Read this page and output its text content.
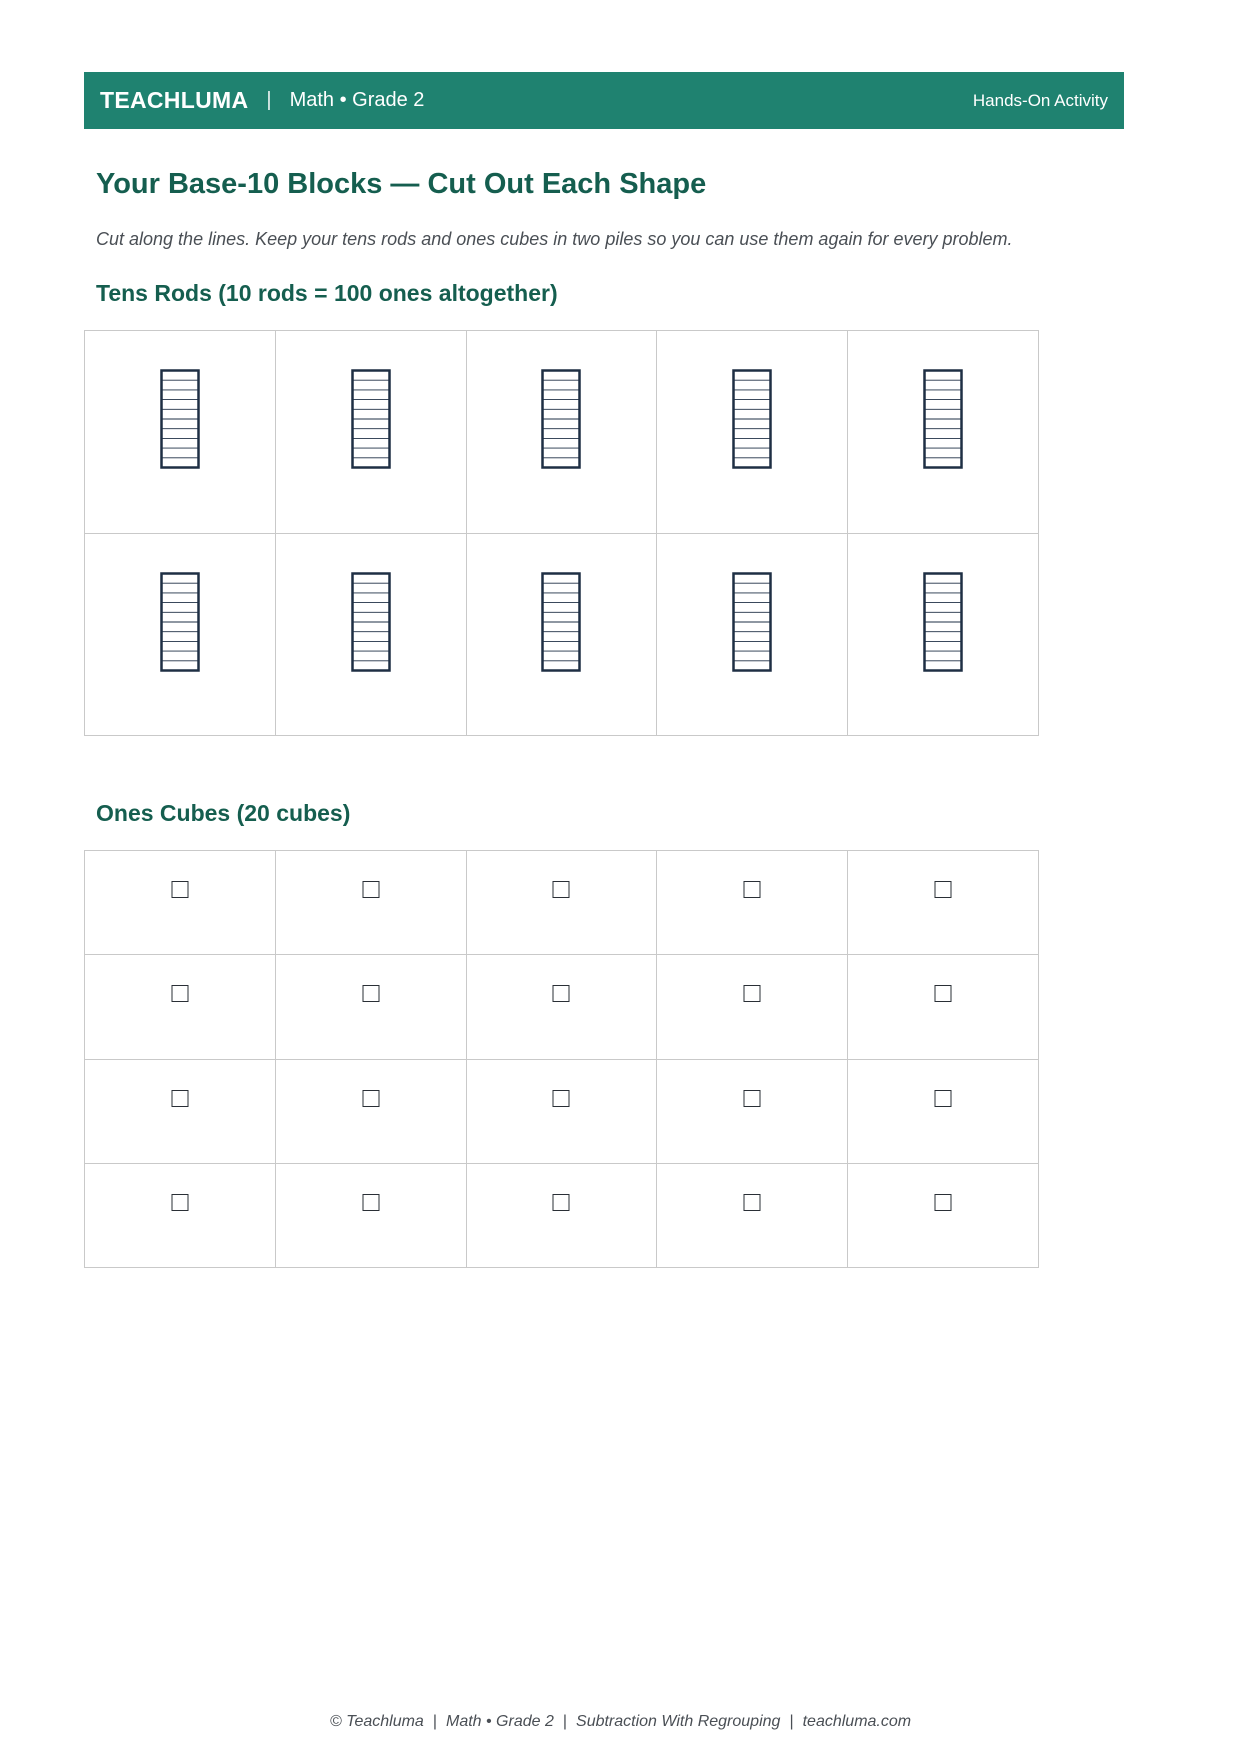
TEACHLUMA | Math • Grade 2	Hands-On Activity
Your Base-10 Blocks — Cut Out Each Shape

Cut along the lines. Keep your tens rods and ones cubes in two piles so you can use them again for every problem.

Tens Rods (10 rods = 100 ones altogether)
Ones Cubes (20 cubes)
© Teachluma | Math • Grade 2 | Subtraction With Regrouping | teachluma.com
